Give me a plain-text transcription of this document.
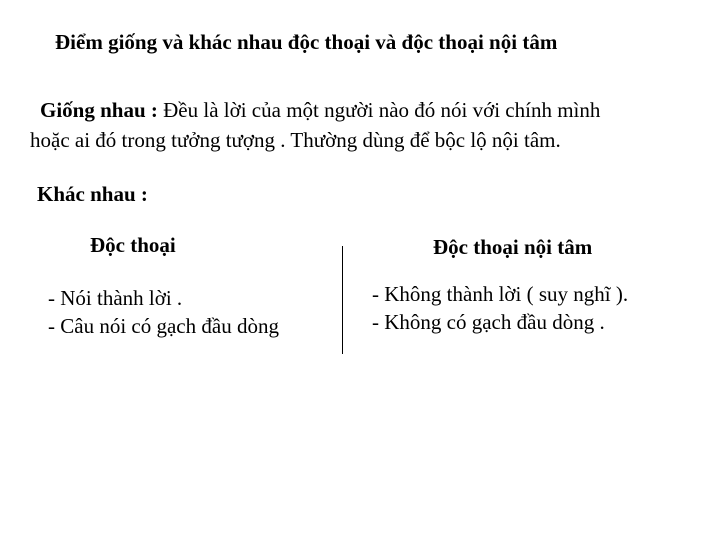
Điểm giống và khác nhau độc thoại và độc thoại nội tâm
Giống nhau : Đều là lời của một người nào đó nói với chính mình
hoặc ai đó trong tưởng tượng . Thường dùng để bộc lộ nội tâm.
Khác nhau :
Độc thoại	Độc thoại nội tâm
- Nói thành lời .
- Câu nói có gạch đầu dòng
- Không thành lời ( suy nghĩ ).
- Không có gạch đầu dòng .
